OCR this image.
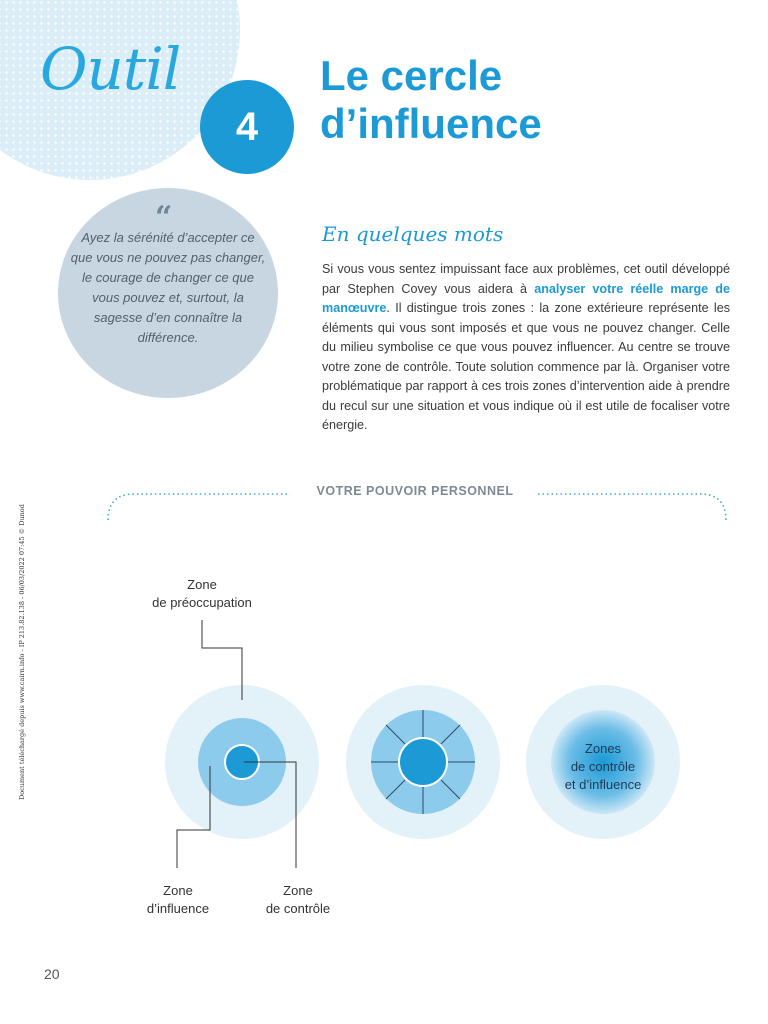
Outil
4
Le cercle
d’influence
“
Ayez la sérénité d’accepter ce que vous ne pouvez pas changer, le courage de changer ce que vous pouvez et, surtout, la sagesse d’en connaître la différence.
En quelques mots
Si vous vous sentez impuissant face aux problèmes, cet outil développé par Stephen Covey vous aidera à analyser votre réelle marge de manœuvre. Il distingue trois zones : la zone extérieure représente les éléments qui vous sont imposés et que vous ne pouvez changer. Celle du milieu symbolise ce que vous pouvez influencer. Au centre se trouve votre zone de contrôle. Toute solution commence par là. Organiser votre problématique par rapport à ces trois zones d’intervention aide à prendre du recul sur une situation et vous indique où il est utile de focaliser votre énergie.
VOTRE POUVOIR PERSONNEL
Document téléchargé depuis www.cairn.info - IP 213.82.138 - 06/03/2022 07:45 © Dunod	Zone
de préoccupation
Zone
d’influence
Zone
de contrôle
Zones
de contrôle
et d’influence
20
